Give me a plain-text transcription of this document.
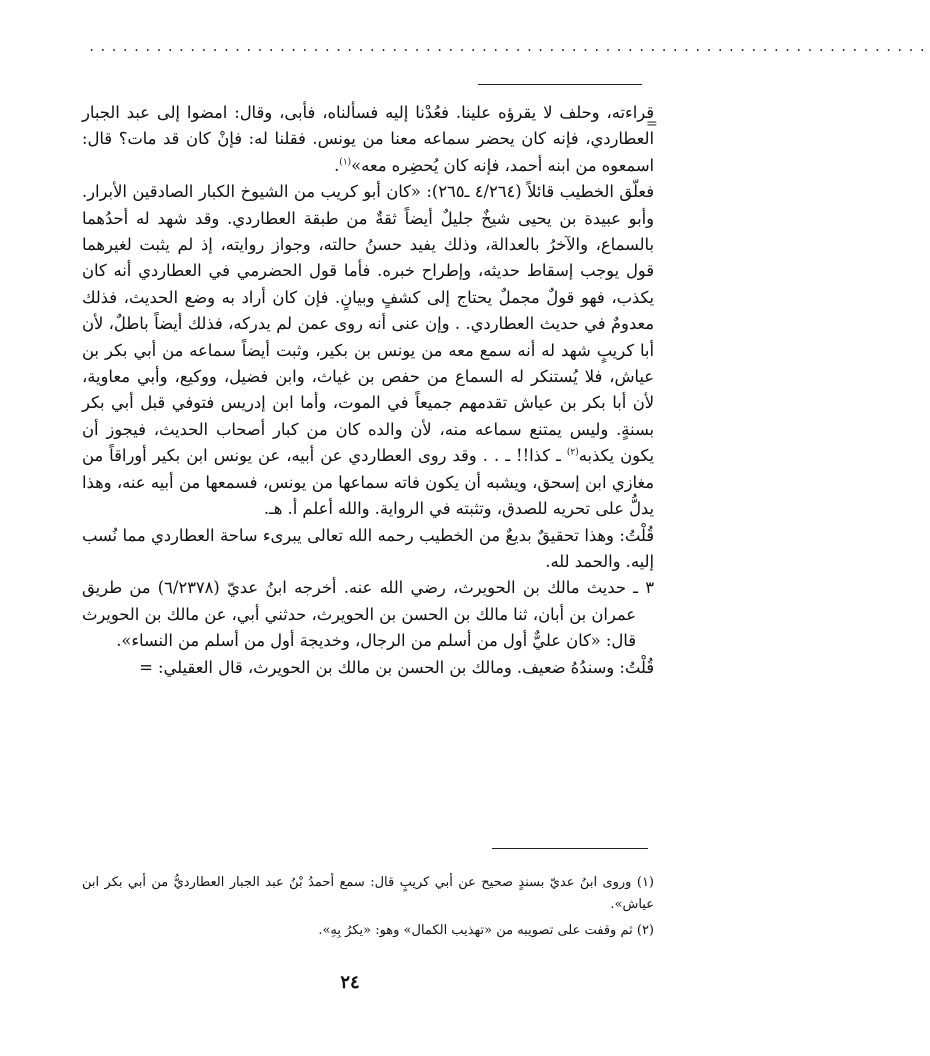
...........................................................................
=

قراءته، وحلف لا يقرؤه علينا. فعُدْنا إليه فسألناه، فأبى، وقال: امضوا إلى عبد الجبار العطاردي، فإنه كان يحضر سماعه معنا من يونس. فقلنا له: فإنْ كان قد مات؟ قال: اسمعوه من ابنه أحمد، فإنه كان يُحضِره معه»$^{(١)}$.

فعلّق الخطيب قائلاً (٤/٢٦٤ ـ٢٦٥): «كان أبو كريب من الشيوخ الكبار الصادقين الأبرار. وأبو عبيدة بن يحيى شيخٌ جليلٌ أيضاً ثقةٌ من طبقة العطاردي. وقد شهد له أحدُهما بالسماع، والآخرُ بالعدالة، وذلك يفيد حسنُ حالته، وجواز روايته، إذ لم يثبت لغيرهما قول يوجب إسقاط حديثه، وإطراح خبره. فأما قول الحضرمي في العطاردي أنه كان يكذب، فهو قولٌ مجملٌ يحتاج إلى كشفٍ وبيانٍ. فإن كان أراد به وضع الحديث، فذلك معدومٌ في حديث العطاردي. . وإن عنى أنه روى عمن لم يدركه، فذلك أيضاً باطلٌ، لأن أبا كريبٍ شهد له أنه سمع معه من يونس بن بكير، وثبت أيضاً سماعه من أبي بكر بن عياش، فلا يُستنكر له السماع من حفص بن غياث، وابن فضيل، ووكيع، وأبي معاوية، لأن أبا بكر بن عياش تقدمهم جميعاً في الموت، وأما ابن إدريس فتوفي قبل أبي بكر بسنةٍ. وليس يمتنع سماعه منه، لأن والده كان من كبار أصحاب الحديث، فيجوز أن يكون يكذبه$^{(٢)}$ ـ كذا!! ـ . . وقد روى العطاردي عن أبيه، عن يونس ابن بكير أوراقاً من مغازي ابن إسحق، ويشبه أن يكون فاته سماعها من يونس، فسمعها من أبيه عنه، وهذا يدلُّ على تحريه للصدق، وتثبته في الرواية. والله أعلم أ. هـ.

قُلْتُ: وهذا تحقيقٌ بديعٌ من الخطيب رحمه الله تعالى يبرىء ساحة العطاردي مما نُسب إليه. والحمد لله.

٣ ـ حديث مالك بن الحويرث، رضي الله عنه. أخرجه ابنُ عديّ (٦/٢٣٧٨) من طريق عمران بن أبان، ثنا مالك بن الحسن بن الحويرث، حدثني أبي، عن مالك بن الحويرث قال: «كان عليٌّ أول من أسلم من الرجال، وخديجة أول من أسلم من النساء».

قُلْتُ: وسندُهُ ضعيف. ومالك بن الحسن بن مالك بن الحويرث، قال العقيلي: =

(١) وروى ابنُ عديّ بسندٍ صحيح عن أبي كريبٍ قال: سمع أحمدُ بْنُ عبد الجبار العطارديُّ من أبي بكر ابن عياش».

(٢) ثم وقفت على تصويبه من «تهذيب الكمال» وهو: «يكرُ بِهِ».

٢٤
